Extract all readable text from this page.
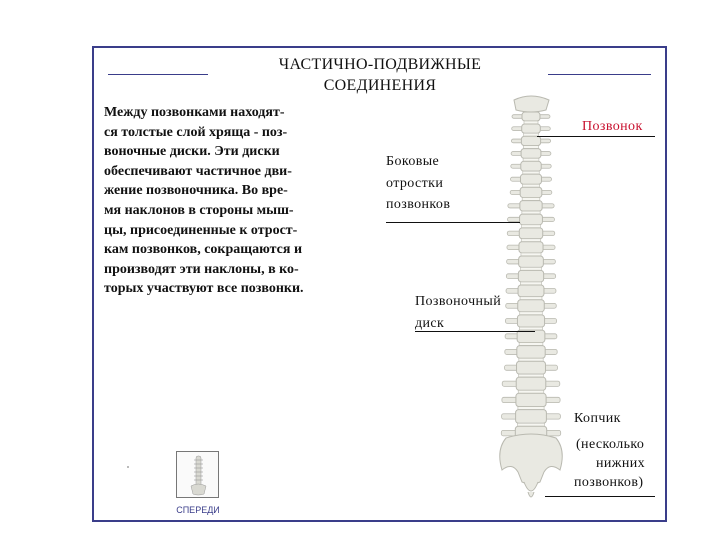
ЧАСТИЧНО-ПОДВИЖНЫЕ
СОЕДИНЕНИЯ

Между позвонками находят-

ся толстые слой хряща - поз-

воночные диски. Эти диски

обеспечивают частичное дви-

жение позвоночника. Во вре-

мя наклонов в стороны мыш-

цы, присоединенные к отрост-

кам позвонков, сокращаются и

производят эти наклоны, в ко-

торых участвуют все позвонки.

Позвонок
Боковые
отростки
позвонков
Позвоночный
диск
Копчик
(несколько
нижних
позвонков)
СПЕРЕДИ
